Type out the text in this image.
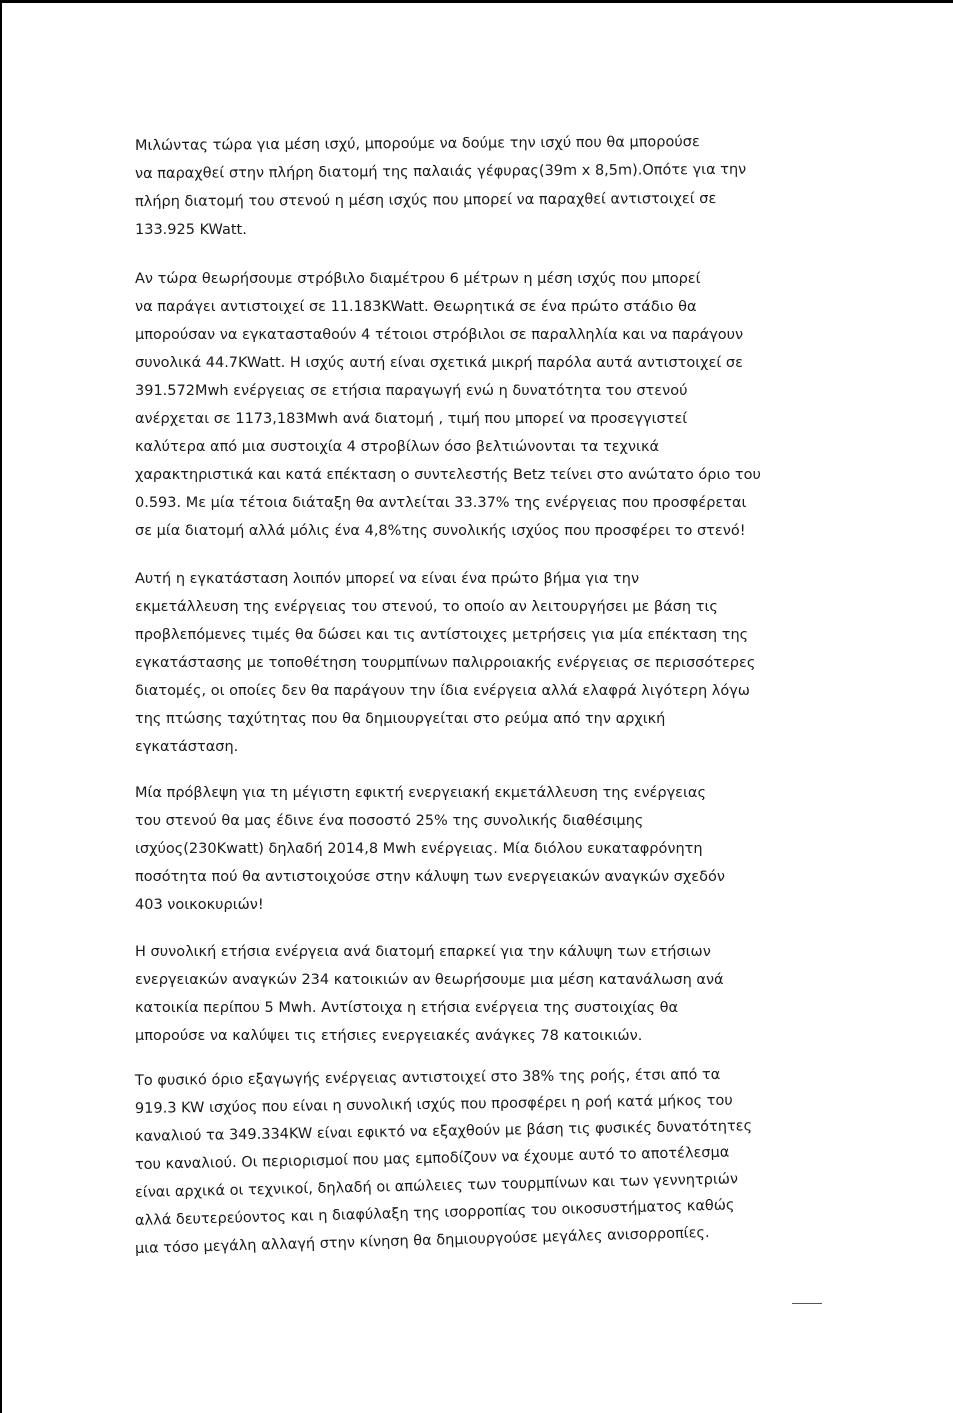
Μιλώντας τώρα για μέση ισχύ, μπορούμε να δούμε την ισχύ που θα μπορούσε
να παραχθεί στην πλήρη διατομή της παλαιάς γέφυρας(39m x 8,5m).Οπότε για την
πλήρη διατομή του στενού η μέση ισχύς που μπορεί να παραχθεί αντιστοιχεί σε
133.925 KWatt.

Αν τώρα θεωρήσουμε στρόβιλο διαμέτρου 6 μέτρων η μέση ισχύς που μπορεί
να παράγει αντιστοιχεί σε 11.183KWatt. Θεωρητικά σε ένα πρώτο στάδιο θα
μπορούσαν να εγκατασταθούν 4 τέτοιοι στρόβιλοι σε παραλληλία και να παράγουν
συνολικά 44.7KWatt. Η ισχύς αυτή είναι σχετικά μικρή παρόλα αυτά αντιστοιχεί σε
391.572Mwh ενέργειας σε ετήσια παραγωγή ενώ η δυνατότητα του στενού
ανέρχεται σε 1173,183Mwh ανά διατομή , τιμή που μπορεί να προσεγγιστεί
καλύτερα από μια συστοιχία 4 στροβίλων όσο βελτιώνονται τα τεχνικά
χαρακτηριστικά και κατά επέκταση ο συντελεστής Betz τείνει στο ανώτατο όριο του
0.593. Με μία τέτοια διάταξη θα αντλείται 33.37% της ενέργειας που προσφέρεται
σε μία διατομή αλλά μόλις ένα 4,8%της συνολικής ισχύος που προσφέρει το στενό!

Αυτή η εγκατάσταση λοιπόν μπορεί να είναι ένα πρώτο βήμα για την
εκμετάλλευση της ενέργειας του στενού, το οποίο αν λειτουργήσει με βάση τις
προβλεπόμενες τιμές θα δώσει και τις αντίστοιχες μετρήσεις για μία επέκταση της
εγκατάστασης με τοποθέτηση τουρμπίνων παλιρροιακής ενέργειας σε περισσότερες
διατομές, οι οποίες δεν θα παράγουν την ίδια ενέργεια αλλά ελαφρά λιγότερη λόγω
της πτώσης ταχύτητας που θα δημιουργείται στο ρεύμα από την αρχική
εγκατάσταση.

Μία πρόβλεψη για τη μέγιστη εφικτή ενεργειακή εκμετάλλευση της ενέργειας
του στενού θα μας έδινε ένα ποσοστό 25% της συνολικής διαθέσιμης
ισχύος(230Kwatt) δηλαδή 2014,8 Mwh ενέργειας. Μία διόλου ευκαταφρόνητη
ποσότητα πού θα αντιστοιχούσε στην κάλυψη των ενεργειακών αναγκών σχεδόν
403 νοικοκυριών!

Η συνολική ετήσια ενέργεια ανά διατομή επαρκεί για την κάλυψη των ετήσιων
ενεργειακών αναγκών 234 κατοικιών αν θεωρήσουμε μια μέση κατανάλωση ανά
κατοικία περίπου 5 Mwh. Αντίστοιχα η ετήσια ενέργεια της συστοιχίας θα
μπορούσε να καλύψει τις ετήσιες ενεργειακές ανάγκες 78 κατοικιών.

Το φυσικό όριο εξαγωγής ενέργειας αντιστοιχεί στο 38% της ροής, έτσι από τα
919.3 KW ισχύος που είναι η συνολική ισχύς που προσφέρει η ροή κατά μήκος του
καναλιού τα 349.334KW είναι εφικτό να εξαχθούν με βάση τις φυσικές δυνατότητες
του καναλιού. Οι περιορισμοί που μας εμποδίζουν να έχουμε αυτό το αποτέλεσμα
είναι αρχικά οι τεχνικοί, δηλαδή οι απώλειες των τουρμπίνων και των γεννητριών
αλλά δευτερεύοντος και η διαφύλαξη της ισορροπίας του οικοσυστήματος καθώς
μια τόσο μεγάλη αλλαγή στην κίνηση θα δημιουργούσε μεγάλες ανισορροπίες.
